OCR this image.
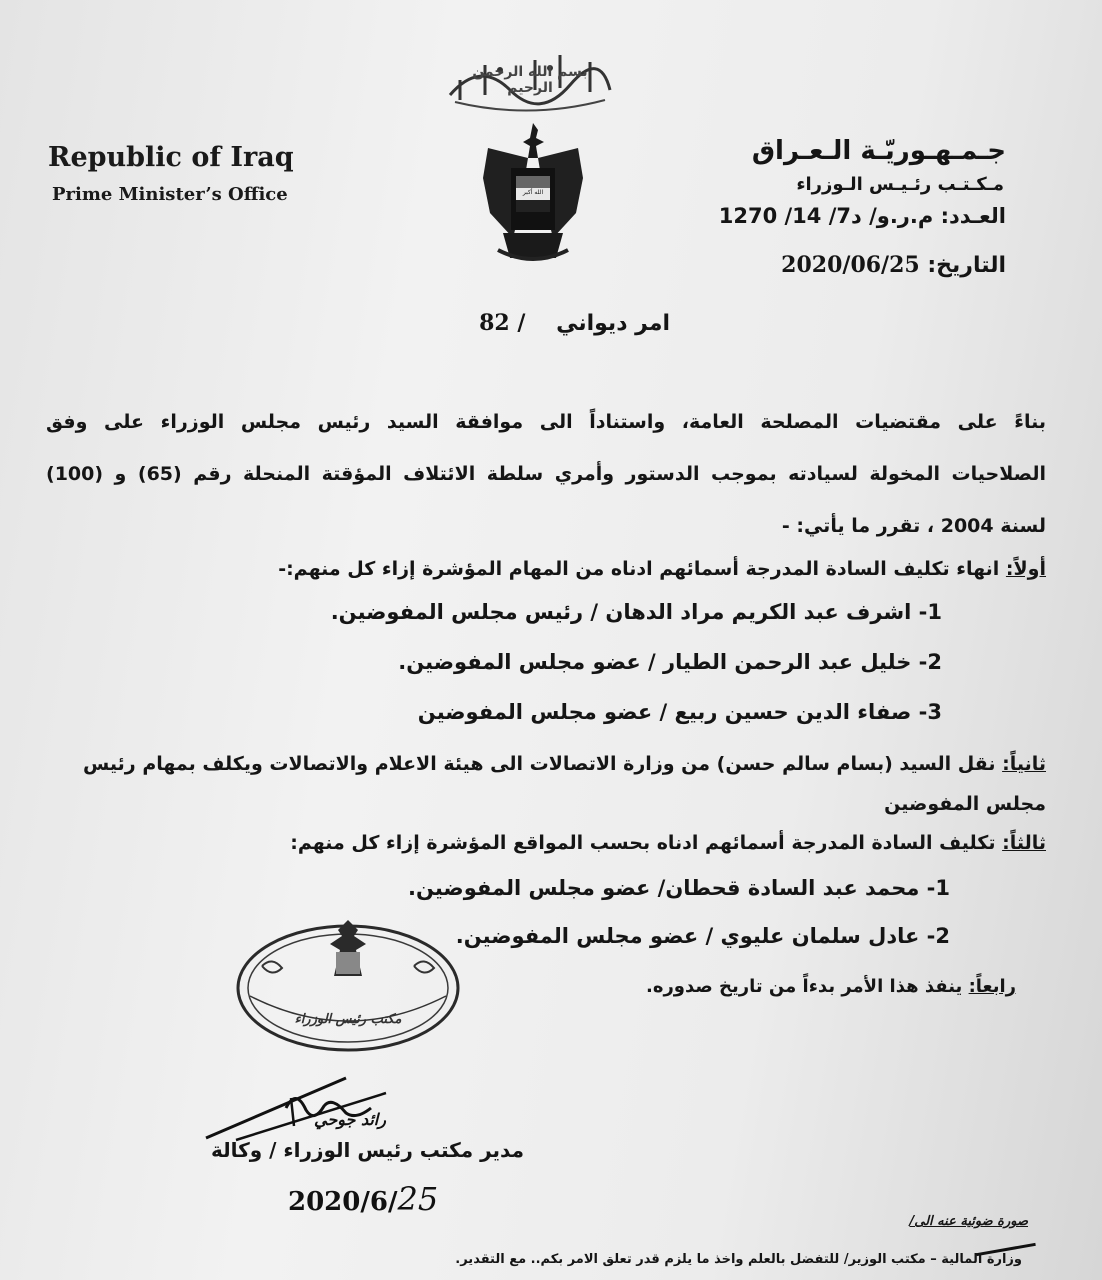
بسم الله الرحمن الرحيم
Republic of Iraq
Prime Minister’s Office	الله أكبر
جـمـهـوريّـة الـعـراق
مـكـتـب رئـيـس الـوزراء
العـدد: م.ر.و/ د7/ 14/ 1270
التاريخ: 2020/06/25
امر ديواني    / 82
بناءً على مقتضيات المصلحة العامة، واستناداً الى موافقة السيد رئيس مجلس الوزراء على وفق
الصلاحيات المخولة لسيادته بموجب الدستور وأمري سلطة الائتلاف المؤقتة المنحلة رقم (65) و (100)
لسنة 2004 ، تقرر ما يأتي: -
أولاً: انهاء تكليف السادة المدرجة أسمائهم ادناه من المهام المؤشرة إزاء كل منهم:-
1- اشرف عبد الكريم مراد الدهان / رئيس مجلس المفوضين.
2- خليل عبد الرحمن الطيار / عضو مجلس المفوضين.
3- صفاء الدين حسين ربيع / عضو مجلس المفوضين
ثانياً: نقل السيد (بسام سالم حسن) من وزارة الاتصالات الى هيئة الاعلام والاتصالات ويكلف بمهام رئيس
مجلس المفوضين
ثالثاً: تكليف السادة المدرجة أسمائهم ادناه بحسب المواقع المؤشرة إزاء كل منهم:
1- محمد عبد السادة قحطان/ عضو مجلس المفوضين.
2- عادل سلمان عليوي / عضو مجلس المفوضين.
رابعاً: ينفذ هذا الأمر بدءاً من تاريخ صدوره.
مكتب رئيس الوزراء
رائد جوحي
مدير مكتب رئيس الوزراء / وكالة
2020/6/25
صورة ضوئية عنه الى/
وزارة المالية – مكتب الوزير/ للتفضل بالعلم واخذ ما يلزم قدر تعلق الامر بكم.. مع التقدير.
